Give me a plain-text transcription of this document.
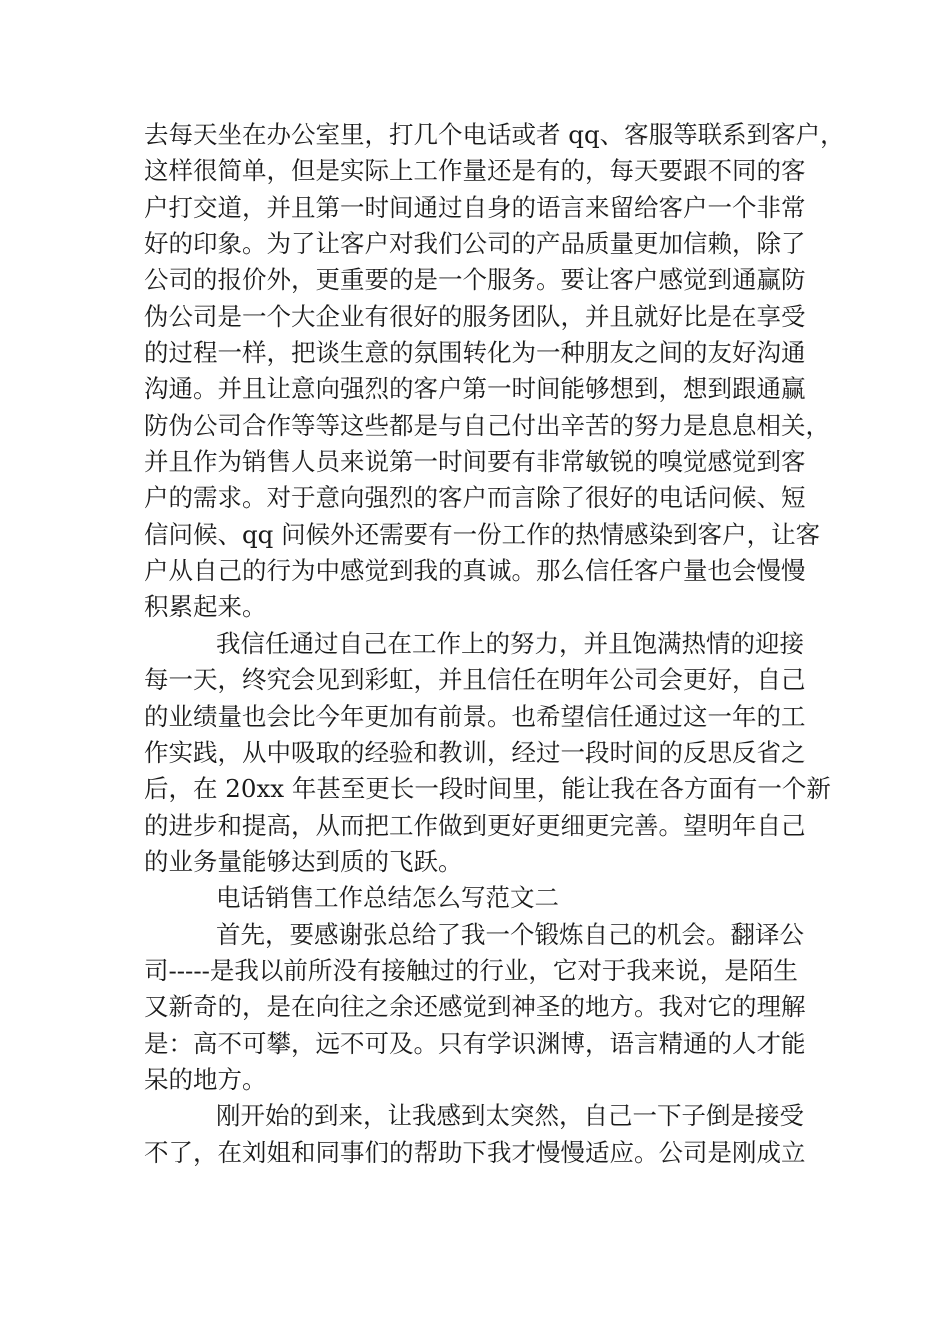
去每天坐在办公室里，打几个电话或者 qq、客服等联系到客户，
这样很简单，但是实际上工作量还是有的，每天要跟不同的客
户打交道，并且第一时间通过自身的语言来留给客户一个非常
好的印象。为了让客户对我们公司的产品质量更加信赖，除了
公司的报价外，更重要的是一个服务。要让客户感觉到通赢防
伪公司是一个大企业有很好的服务团队，并且就好比是在享受
的过程一样，把谈生意的氛围转化为一种朋友之间的友好沟通
沟通。并且让意向强烈的客户第一时间能够想到，想到跟通赢
防伪公司合作等等这些都是与自己付出辛苦的努力是息息相关，
并且作为销售人员来说第一时间要有非常敏锐的嗅觉感觉到客
户的需求。对于意向强烈的客户而言除了很好的电话问候、短
信问候、qq 问候外还需要有一份工作的热情感染到客户，让客
户从自己的行为中感觉到我的真诚。那么信任客户量也会慢慢
积累起来。
我信任通过自己在工作上的努力，并且饱满热情的迎接
每一天，终究会见到彩虹，并且信任在明年公司会更好，自己
的业绩量也会比今年更加有前景。也希望信任通过这一年的工
作实践，从中吸取的经验和教训，经过一段时间的反思反省之
后，在 20xx 年甚至更长一段时间里，能让我在各方面有一个新
的进步和提高，从而把工作做到更好更细更完善。望明年自己
的业务量能够达到质的飞跃。
电话销售工作总结怎么写范文二
首先，要感谢张总给了我一个锻炼自己的机会。翻译公
司-----是我以前所没有接触过的行业，它对于我来说，是陌生
又新奇的，是在向往之余还感觉到神圣的地方。我对它的理解
是：高不可攀，远不可及。只有学识渊博，语言精通的人才能
呆的地方。
刚开始的到来，让我感到太突然，自己一下子倒是接受
不了，在刘姐和同事们的帮助下我才慢慢适应。公司是刚成立
